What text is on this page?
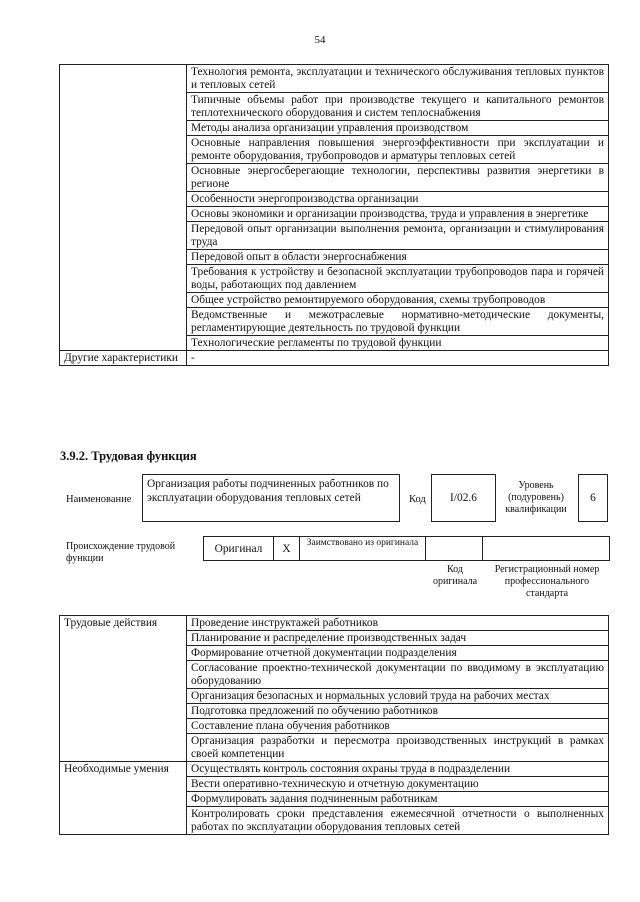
54
	Технология ремонта, эксплуатации и технического обслуживания тепловых пунктов и тепловых сетей
	Типичные объемы работ при производстве текущего и капитального ремонтов теплотехнического оборудования и систем теплоснабжения
	Методы анализа организации управления производством
	Основные направления повышения энергоэффективности при эксплуатации и ремонте оборудования, трубопроводов и арматуры тепловых сетей
	Основные энергосберегающие технологии, перспективы развития энергетики в регионе
	Особенности энергопроизводства организации
	Основы экономики и организации производства, труда и управления в энергетике
	Передовой опыт организации выполнения ремонта, организации и стимулирования труда
	Передовой опыт в области энергоснабжения
	Требования к устройству и безопасной эксплуатации трубопроводов пара и горячей воды, работающих под давлением
	Общее устройство ремонтируемого оборудования, схемы трубопроводов
	Ведомственные и межотраслевые нормативно-методические документы, регламентирующие деятельность по трудовой функции
	Технологические регламенты по трудовой функции
Другие характеристики	-
3.9.2. Трудовая функция
Наименование
Организация работы подчиненных работников по эксплуатации оборудования тепловых сетей	Код	I/02.6
Уровень (подуровень) квалификации
6
Происхождение трудовой функции
Оригинал	X	Заимствовано из оригинала		
Код оригинала
Регистрационный номер профессионального стандарта
Трудовые действия	Проведение инструктажей работников
	Планирование и распределение производственных задач
	Формирование отчетной документации подразделения
	Согласование проектно-технической документации по вводимому в эксплуатацию оборудованию
	Организация безопасных и нормальных условий труда на рабочих местах
	Подготовка предложений по обучению работников
	Составление плана обучения работников
	Организация разработки и пересмотра производственных инструкций в рамках своей компетенции
Необходимые умения	Осуществлять контроль состояния охраны труда в подразделении
	Вести оперативно-техническую и отчетную документацию
	Формулировать задания подчиненным работникам
	Контролировать сроки представления ежемесячной отчетности о выполненных работах по эксплуатации оборудования тепловых сетей
